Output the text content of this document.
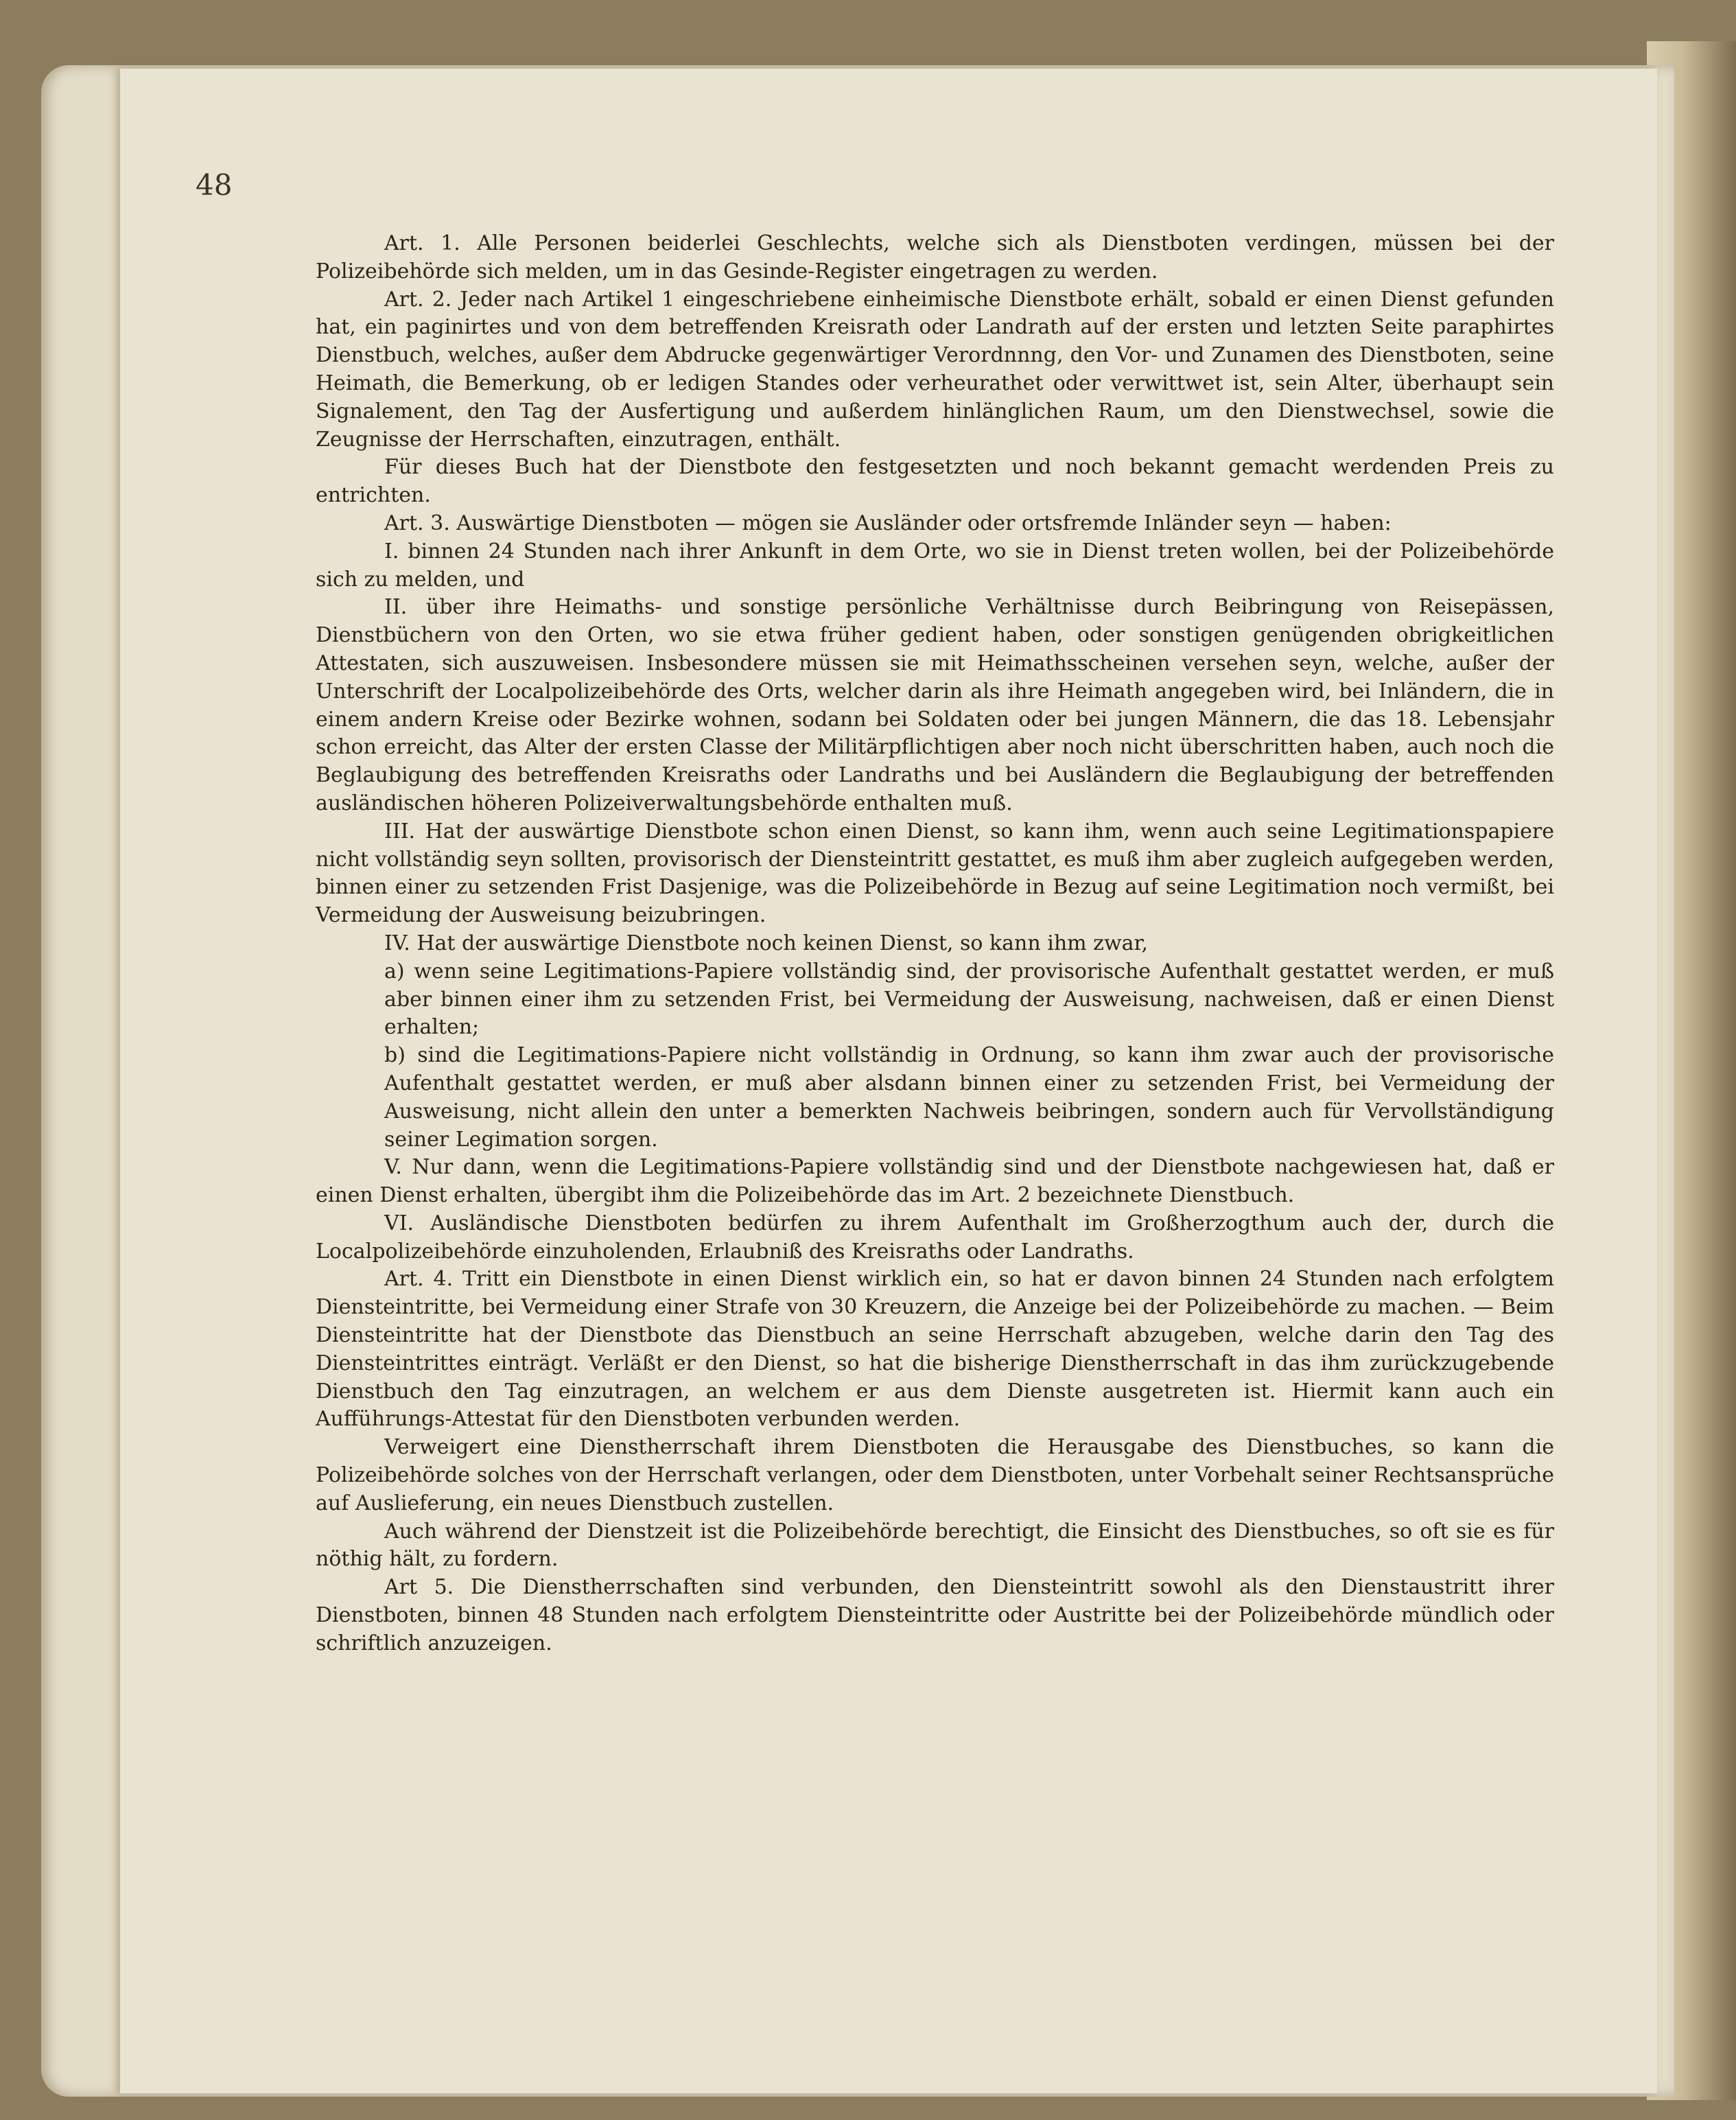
48

Art. 1. Alle Personen beiderlei Geschlechts, welche sich als Dienstboten verdingen, müssen bei der Polizeibehörde sich melden, um in das Gesinde-Register eingetragen zu werden.

Art. 2. Jeder nach Artikel 1 eingeschriebene einheimische Dienstbote erhält, sobald er einen Dienst gefunden hat, ein paginirtes und von dem betreffenden Kreisrath oder Landrath auf der ersten und letzten Seite paraphirtes Dienstbuch, welches, außer dem Abdrucke gegenwärtiger Verordnnng, den Vor- und Zunamen des Dienstboten, seine Heimath, die Bemerkung, ob er ledigen Standes oder verheurathet oder verwittwet ist, sein Alter, überhaupt sein Signalement, den Tag der Ausfertigung und außerdem hinlänglichen Raum, um den Dienstwechsel, sowie die Zeugnisse der Herrschaften, einzutragen, enthält.

Für dieses Buch hat der Dienstbote den festgesetzten und noch bekannt gemacht werdenden Preis zu entrichten.

Art. 3. Auswärtige Dienstboten — mögen sie Ausländer oder ortsfremde Inländer seyn — haben:

I. binnen 24 Stunden nach ihrer Ankunft in dem Orte, wo sie in Dienst treten wollen, bei der Polizeibehörde sich zu melden, und

II. über ihre Heimaths- und sonstige persönliche Verhältnisse durch Beibringung von Reisepässen, Dienstbüchern von den Orten, wo sie etwa früher gedient haben, oder sonstigen genügenden obrigkeitlichen Attestaten, sich auszuweisen. Insbesondere müssen sie mit Heimathsscheinen versehen seyn, welche, außer der Unterschrift der Localpolizeibehörde des Orts, welcher darin als ihre Heimath angegeben wird, bei Inländern, die in einem andern Kreise oder Bezirke wohnen, sodann bei Soldaten oder bei jungen Männern, die das 18. Lebensjahr schon erreicht, das Alter der ersten Classe der Militärpflichtigen aber noch nicht überschritten haben, auch noch die Beglaubigung des betreffenden Kreisraths oder Landraths und bei Ausländern die Beglaubigung der betreffenden ausländischen höheren Polizeiverwaltungsbehörde enthalten muß.

III. Hat der auswärtige Dienstbote schon einen Dienst, so kann ihm, wenn auch seine Legitimationspapiere nicht vollständig seyn sollten, provisorisch der Diensteintritt gestattet, es muß ihm aber zugleich aufgegeben werden, binnen einer zu setzenden Frist Dasjenige, was die Polizeibehörde in Bezug auf seine Legitimation noch vermißt, bei Vermeidung der Ausweisung beizubringen.

IV. Hat der auswärtige Dienstbote noch keinen Dienst, so kann ihm zwar,

a) wenn seine Legitimations-Papiere vollständig sind, der provisorische Aufenthalt gestattet werden, er muß aber binnen einer ihm zu setzenden Frist, bei Vermeidung der Ausweisung, nachweisen, daß er einen Dienst erhalten;

b) sind die Legitimations-Papiere nicht vollständig in Ordnung, so kann ihm zwar auch der provisorische Aufenthalt gestattet werden, er muß aber alsdann binnen einer zu setzenden Frist, bei Vermeidung der Ausweisung, nicht allein den unter a bemerkten Nachweis beibringen, sondern auch für Vervollständigung seiner Legimation sorgen.

V. Nur dann, wenn die Legitimations-Papiere vollständig sind und der Dienstbote nachgewiesen hat, daß er einen Dienst erhalten, übergibt ihm die Polizeibehörde das im Art. 2 bezeichnete Dienstbuch.

VI. Ausländische Dienstboten bedürfen zu ihrem Aufenthalt im Großherzogthum auch der, durch die Localpolizeibehörde einzuholenden, Erlaubniß des Kreisraths oder Landraths.

Art. 4. Tritt ein Dienstbote in einen Dienst wirklich ein, so hat er davon binnen 24 Stunden nach erfolgtem Diensteintritte, bei Vermeidung einer Strafe von 30 Kreuzern, die Anzeige bei der Polizeibehörde zu machen. — Beim Diensteintritte hat der Dienstbote das Dienstbuch an seine Herrschaft abzugeben, welche darin den Tag des Diensteintrittes einträgt. Verläßt er den Dienst, so hat die bisherige Dienstherrschaft in das ihm zurückzugebende Dienstbuch den Tag einzutragen, an welchem er aus dem Dienste ausgetreten ist. Hiermit kann auch ein Aufführungs-Attestat für den Dienstboten verbunden werden.

Verweigert eine Dienstherrschaft ihrem Dienstboten die Herausgabe des Dienstbuches, so kann die Polizeibehörde solches von der Herrschaft verlangen, oder dem Dienstboten, unter Vorbehalt seiner Rechtsansprüche auf Auslieferung, ein neues Dienstbuch zustellen.

Auch während der Dienstzeit ist die Polizeibehörde berechtigt, die Einsicht des Dienstbuches, so oft sie es für nöthig hält, zu fordern.

Art 5. Die Dienstherrschaften sind verbunden, den Diensteintritt sowohl als den Dienstaustritt ihrer Dienstboten, binnen 48 Stunden nach erfolgtem Diensteintritte oder Austritte bei der Polizeibehörde mündlich oder schriftlich anzuzeigen.
